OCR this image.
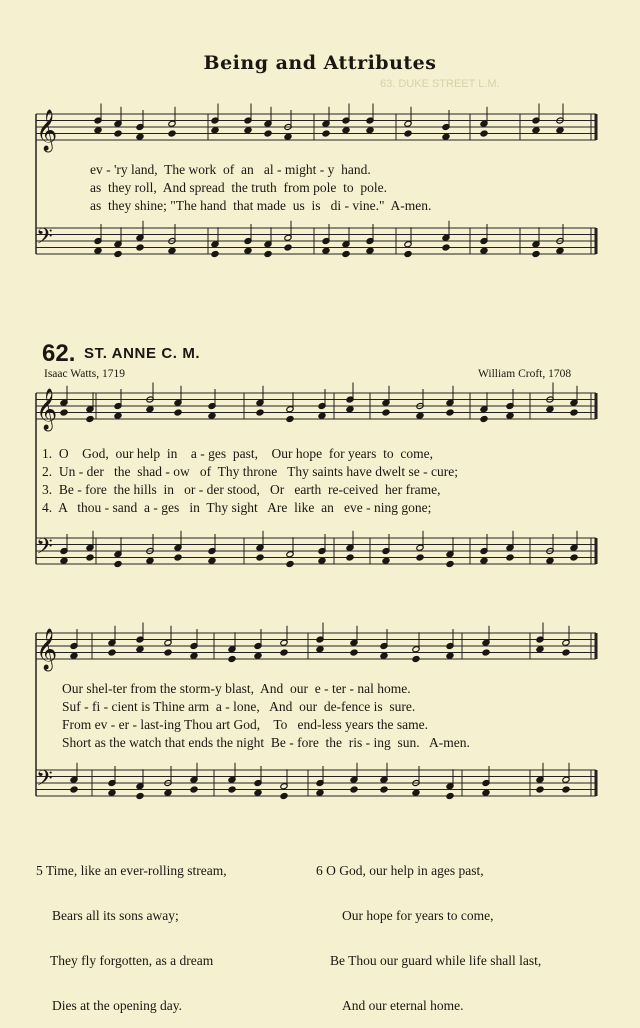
𝄞
𝄢
𝄞
𝄢
𝄞
𝄢
63. DUKE STREET L.M.
Being and Attributes
ev - 'ry land,  The work  of  an   al - might - y  hand.
as  they roll,  And spread  the truth  from pole  to  pole.
as  they shine; "The hand  that made  us  is   di - vine."  A-men.
62. ST. ANNE C. M.
Isaac Watts, 1719	William Croft, 1708
1.  O    God,  our help  in    a - ges  past,    Our hope  for years  to  come,
2.  Un - der   the  shad - ow   of  Thy throne   Thy saints have dwelt se - cure;
3.  Be - fore  the hills  in   or - der stood,   Or   earth  re-ceived  her frame,
4.  A   thou - sand  a - ges   in  Thy sight   Are  like  an   eve - ning gone;
Our shel-ter from the storm-y blast,  And  our  e - ter - nal home.
Suf - fi - cient is Thine arm  a - lone,   And  our  de-fence is  sure.
From ev - er - last-ing Thou art God,    To   end-less years the same.
Short as the watch that ends the night  Be - fore  the  ris - ing  sun.   A-men.

5 Time, like an ever-rolling stream,

Bears all its sons away;

They fly forgotten, as a dream

Dies at the opening day.

6 O God, our help in ages past,

Our hope for years to come,

Be Thou our guard while life shall last,

And our eternal home.
